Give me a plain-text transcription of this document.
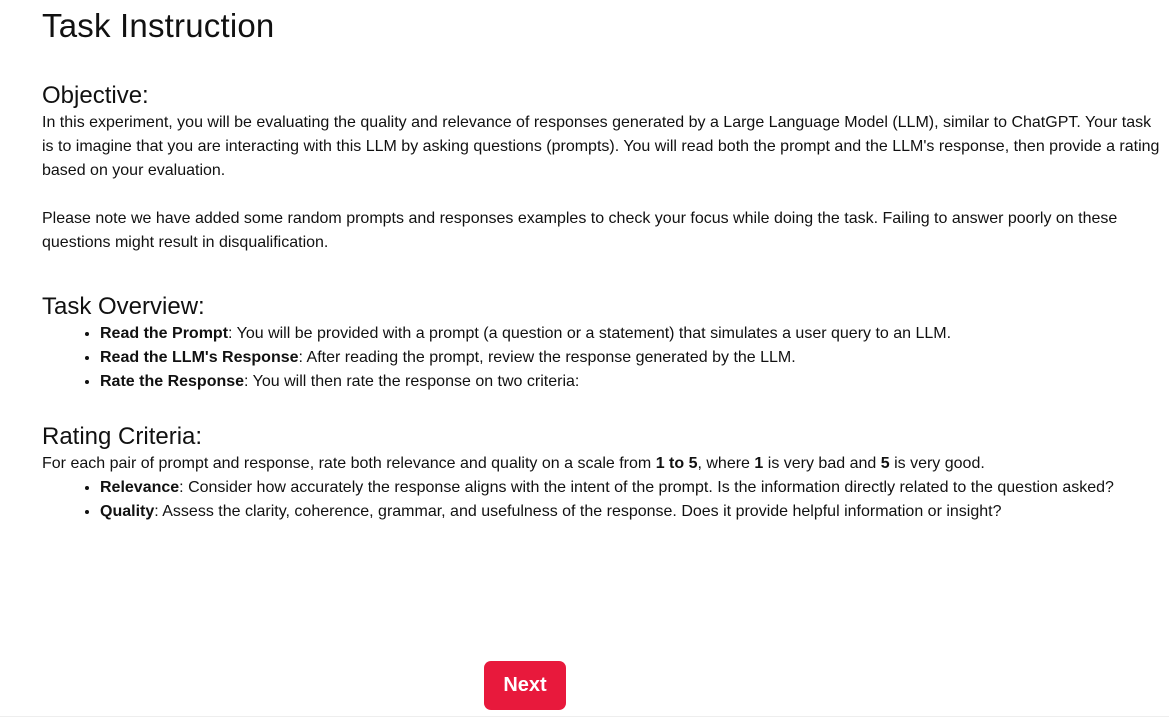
Task Instruction
Objective:

In this experiment, you will be evaluating the quality and relevance of responses generated by a Large Language Model (LLM), similar to ChatGPT. Your task is to imagine that you are interacting with this LLM by asking questions (prompts). You will read both the prompt and the LLM's response, then provide a rating based on your evaluation.

Please note we have added some random prompts and responses examples to check your focus while doing the task. Failing to answer poorly on these questions might result in disqualification.

Task Overview:
• Read the Prompt: You will be provided with a prompt (a question or a statement) that simulates a user query to an LLM.
• Read the LLM's Response: After reading the prompt, review the response generated by the LLM.
• Rate the Response: You will then rate the response on two criteria:
Rating Criteria:

For each pair of prompt and response, rate both relevance and quality on a scale from 1 to 5, where 1 is very bad and 5 is very good.

• Relevance: Consider how accurately the response aligns with the intent of the prompt. Is the information directly related to the question asked?
• Quality: Assess the clarity, coherence, grammar, and usefulness of the response. Does it provide helpful information or insight?
Next
